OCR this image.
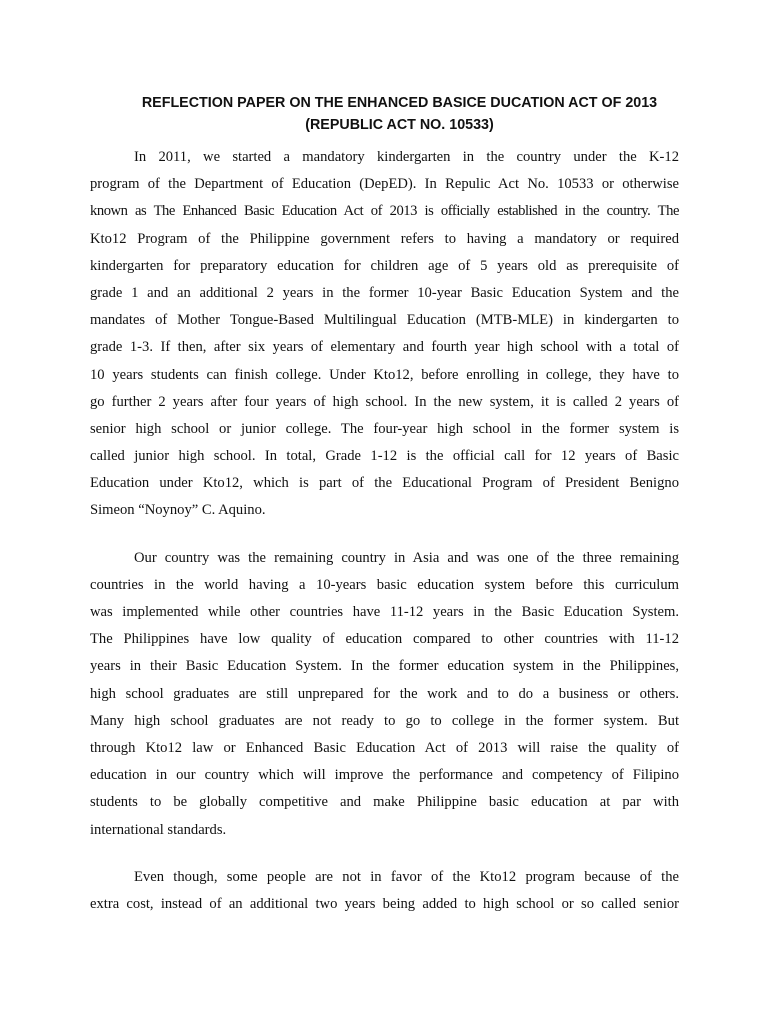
REFLECTION PAPER ON THE ENHANCED BASICE DUCATION ACT OF 2013
(REPUBLIC ACT NO. 10533)
In 2011, we started a mandatory kindergarten in the country under the K-12
program of the Department of Education (DepED). In Repulic Act No. 10533 or otherwise
known as The Enhanced Basic Education Act of 2013 is officially established in the country. The
Kto12 Program of the Philippine government refers to having a mandatory or required
kindergarten for preparatory education for children age of 5 years old as prerequisite of
grade 1 and an additional 2 years in the former 10-year Basic Education System and the
mandates of Mother Tongue-Based Multilingual Education (MTB-MLE) in kindergarten to
grade 1-3. If then, after six years of elementary and fourth year high school with a total of
10 years students can finish college. Under Kto12, before enrolling in college, they have to
go further 2 years after four years of high school. In the new system, it is called 2 years of
senior high school or junior college. The four-year high school in the former system is
called junior high school. In total, Grade 1-12 is the official call for 12 years of Basic
Education under Kto12, which is part of the Educational Program of President Benigno
Simeon “Noynoy” C. Aquino.
Our country was the remaining country in Asia and was one of the three remaining
countries in the world having a 10-years basic education system before this curriculum
was implemented while other countries have 11-12 years in the Basic Education System.
The Philippines have low quality of education compared to other countries with 11-12
years in their Basic Education System. In the former education system in the Philippines,
high school graduates are still unprepared for the work and to do a business or others.
Many high school graduates are not ready to go to college in the former system. But
through Kto12 law or Enhanced Basic Education Act of 2013 will raise the quality of
education in our country which will improve the performance and competency of Filipino
students to be globally competitive and make Philippine basic education at par with
international standards.
Even though, some people are not in favor of the Kto12 program because of the
extra cost, instead of an additional two years being added to high school or so called senior
